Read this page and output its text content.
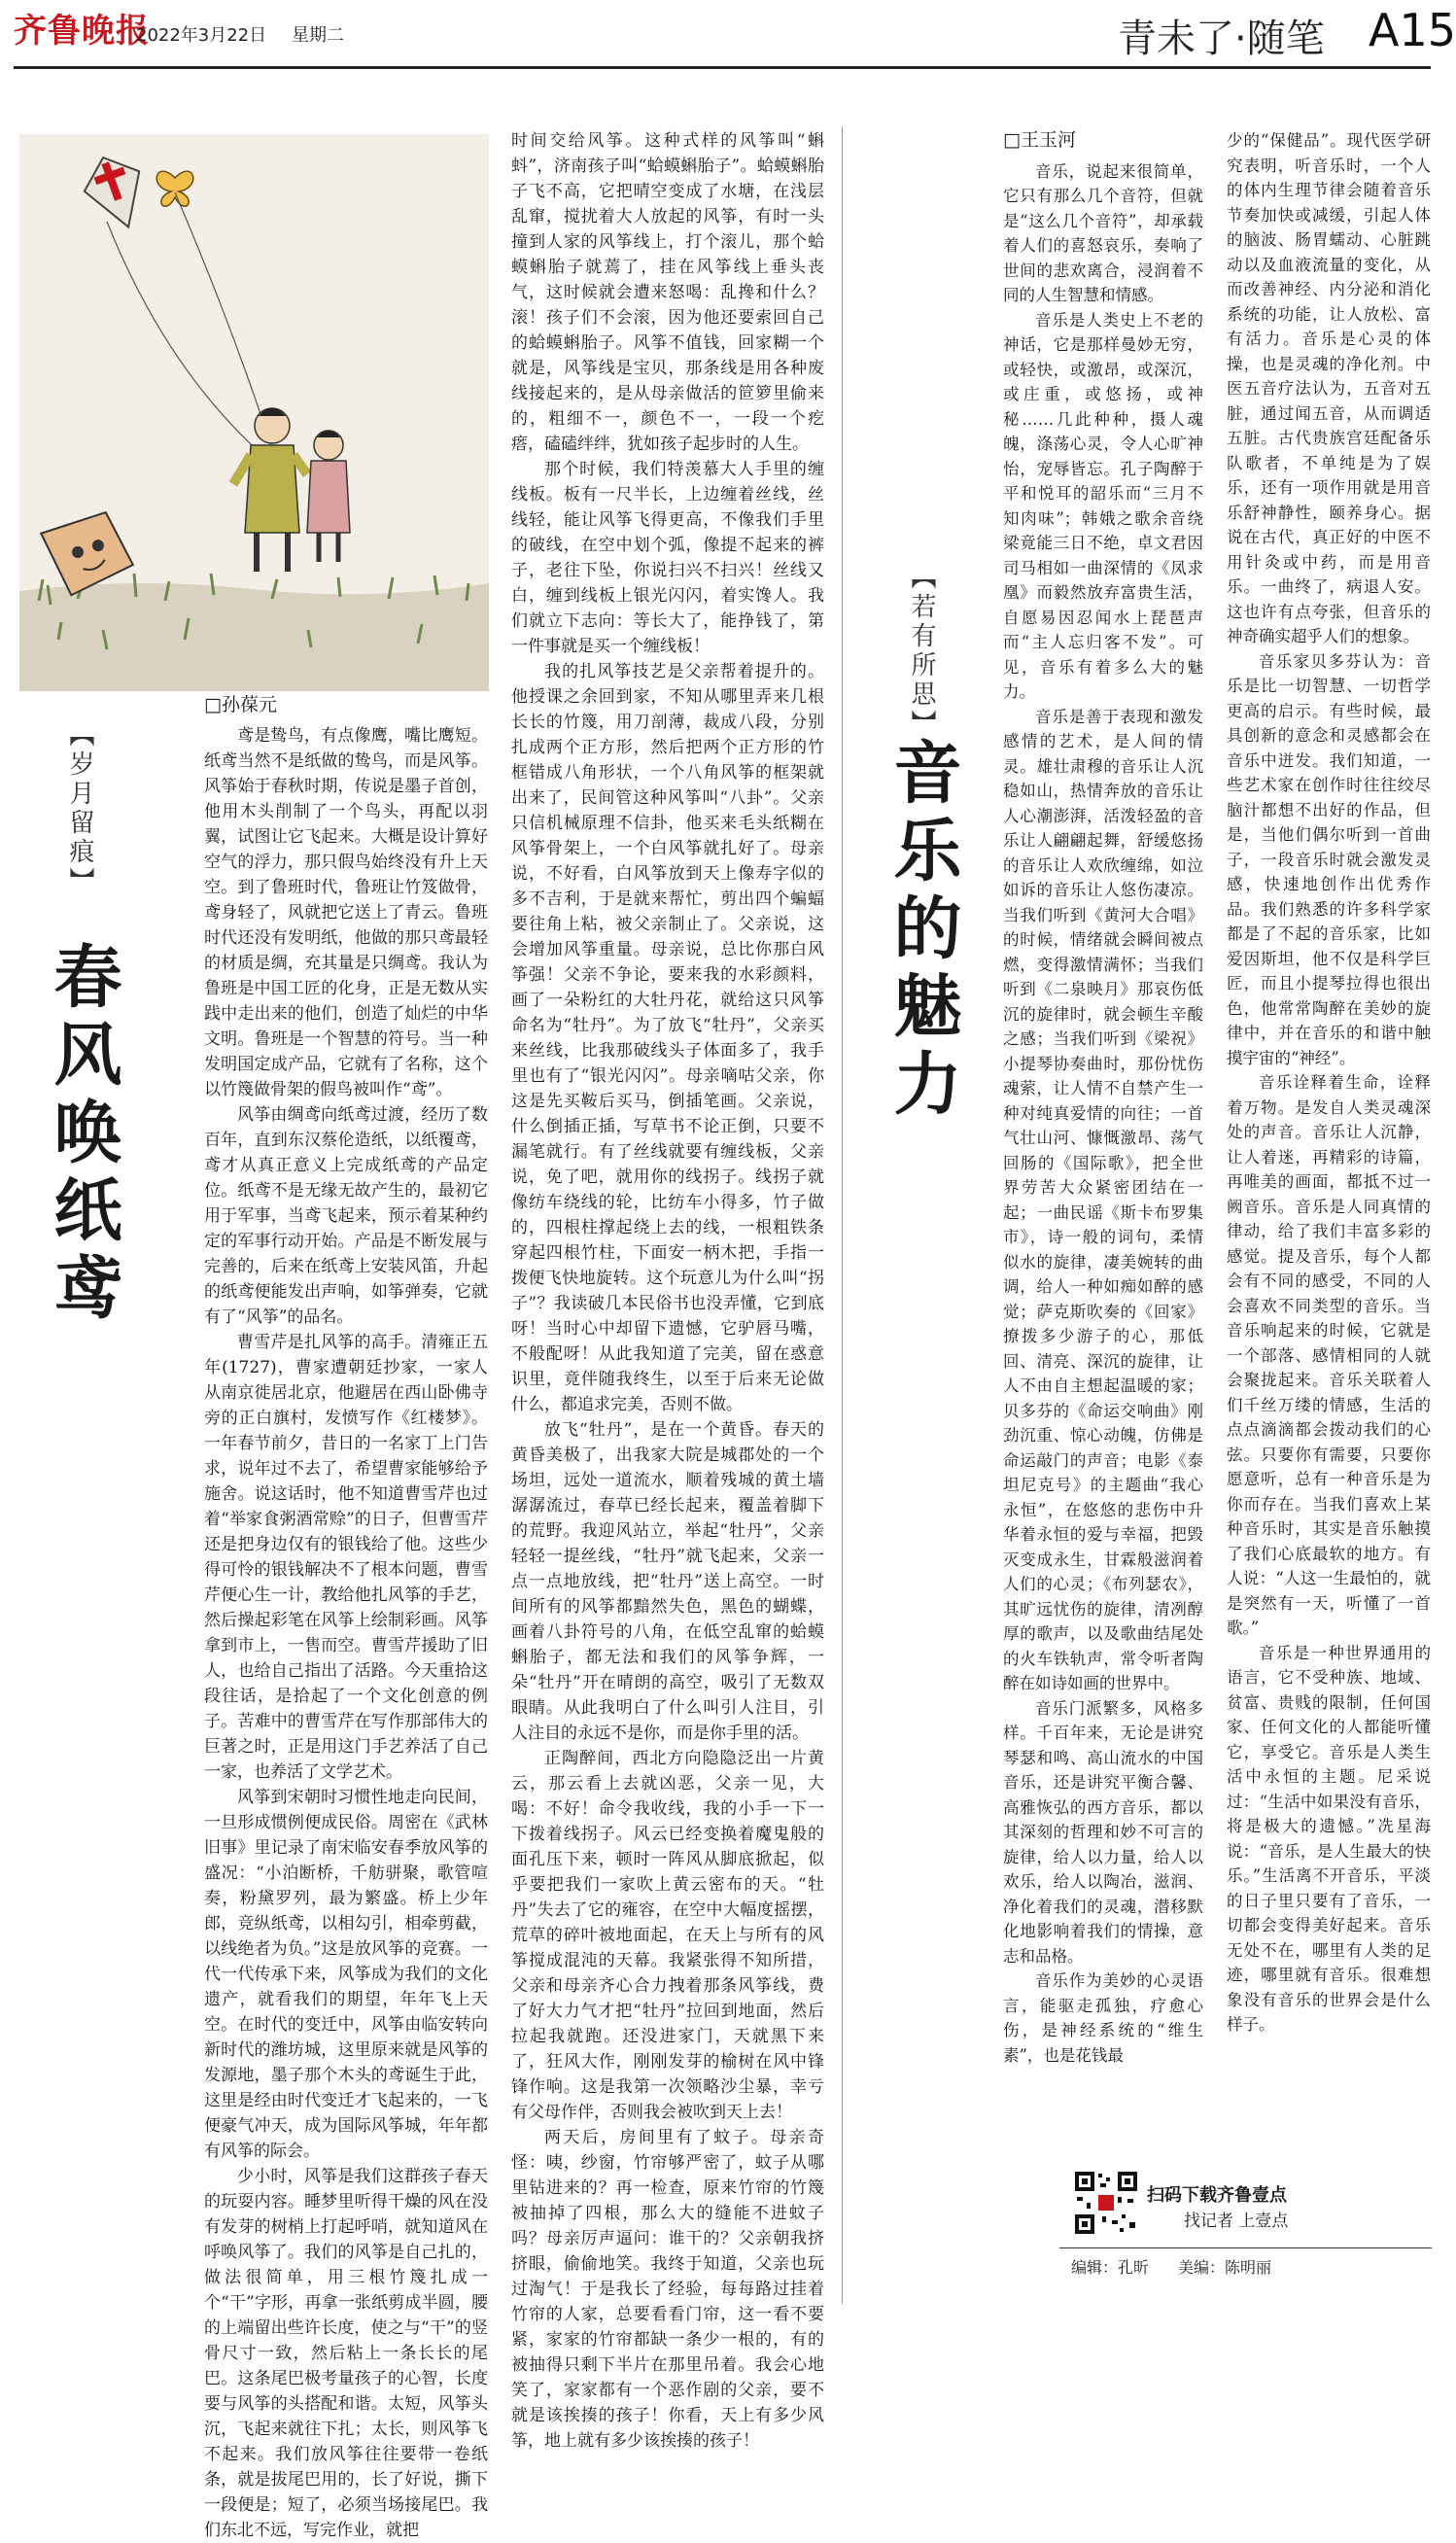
齐鲁晚报
2022年3月22日 星期二	青未了·随笔 A15
【岁月留痕】
春风唤纸鸢

□孙葆元

鸢是鸷鸟，有点像鹰，嘴比鹰短。纸鸢当然不是纸做的鸷鸟，而是风筝。风筝始于春秋时期，传说是墨子首创，他用木头削制了一个鸟头，再配以羽翼，试图让它飞起来。大概是设计算好空气的浮力，那只假鸟始终没有升上天空。到了鲁班时代，鲁班让竹笈做骨，鸢身轻了，风就把它送上了青云。鲁班时代还没有发明纸，他做的那只鸢最轻的材质是绸，充其量是只绸鸢。我认为鲁班是中国工匠的化身，正是无数从实践中走出来的他们，创造了灿烂的中华文明。鲁班是一个智慧的符号。当一种发明国定成产品，它就有了名称，这个以竹篾做骨架的假鸟被叫作“鸢”。

风筝由绸鸢向纸鸢过渡，经历了数百年，直到东汉蔡伦造纸，以纸覆鸢，鸢才从真正意义上完成纸鸢的产品定位。纸鸢不是无缘无故产生的，最初它用于军事，当鸢飞起来，预示着某种约定的军事行动开始。产品是不断发展与完善的，后来在纸鸢上安装风笛，升起的纸鸢便能发出声响，如筝弹奏，它就有了“风筝”的品名。

曹雪芹是扎风筝的高手。清雍正五年(1727)，曹家遭朝廷抄家，一家人从南京徙居北京，他避居在西山卧佛寺旁的正白旗村，发愤写作《红楼梦》。一年春节前夕，昔日的一名家丁上门告求，说年过不去了，希望曹家能够给予施舍。说这话时，他不知道曹雪芹也过着“举家食粥酒常赊”的日子，但曹雪芹还是把身边仅有的银钱给了他。这些少得可怜的银钱解决不了根本问题，曹雪芹便心生一计，教给他扎风筝的手艺，然后操起彩笔在风筝上绘制彩画。风筝拿到市上，一售而空。曹雪芹援助了旧人，也给自己指出了活路。今天重拾这段往话，是拾起了一个文化创意的例子。苦难中的曹雪芹在写作那部伟大的巨著之时，正是用这门手艺养活了自己一家，也养活了文学艺术。

风筝到宋朝时习惯性地走向民间，一旦形成惯例便成民俗。周密在《武林旧事》里记录了南宋临安春季放风筝的盛况：“小泊断桥，千舫骈聚，歌管喧奏，粉黛罗列，最为繁盛。桥上少年郎，竞纵纸鸢，以相勾引，相牵剪截，以线绝者为负。”这是放风筝的竞赛。一代一代传承下来，风筝成为我们的文化遗产，就看我们的期望，年年飞上天空。在时代的变迁中，风筝由临安转向新时代的潍坊城，这里原来就是风筝的发源地，墨子那个木头的鸢诞生于此，这里是经由时代变迁才飞起来的，一飞便豪气冲天，成为国际风筝城，年年都有风筝的际会。

少小时，风筝是我们这群孩子春天的玩耍内容。睡梦里听得干燥的风在没有发芽的树梢上打起呼哨，就知道风在呼唤风筝了。我们的风筝是自己扎的，做法很简单，用三根竹篾扎成一个“干”字形，再拿一张纸剪成半圆，腰的上端留出些许长度，使之与“干”的竖骨尺寸一致，然后粘上一条长长的尾巴。这条尾巴极考量孩子的心智，长度要与风筝的头搭配和谐。太短，风筝头沉，飞起来就往下扎；太长，则风筝飞不起来。我们放风筝往往要带一卷纸条，就是拔尾巴用的，长了好说，撕下一段便是；短了，必须当场接尾巴。我们东北不远，写完作业，就把

时间交给风筝。这种式样的风筝叫“蝌蚪”，济南孩子叫“蛤蟆蝌胎子”。蛤蟆蝌胎子飞不高，它把晴空变成了水塘，在浅层乱窜，搅扰着大人放起的风筝，有时一头撞到人家的风筝线上，打个滚儿，那个蛤蟆蝌胎子就蔫了，挂在风筝线上垂头丧气，这时候就会遭来怒喝：乱搀和什么？滚！孩子们不会滚，因为他还要索回自己的蛤蟆蝌胎子。风筝不值钱，回家糊一个就是，风筝线是宝贝，那条线是用各种废线接起来的，是从母亲做活的笸箩里偷来的，粗细不一，颜色不一，一段一个疙瘩，磕磕绊绊，犹如孩子起步时的人生。

那个时候，我们特羡慕大人手里的缠线板。板有一尺半长，上边缠着丝线，丝线轻，能让风筝飞得更高，不像我们手里的破线，在空中划个弧，像提不起来的裤子，老往下坠，你说扫兴不扫兴！丝线又白，缠到线板上银光闪闪，着实馋人。我们就立下志向：等长大了，能挣钱了，第一件事就是买一个缠线板！

我的扎风筝技艺是父亲帮着提升的。他授课之余回到家，不知从哪里弄来几根长长的竹篾，用刀剖薄，裁成八段，分别扎成两个正方形，然后把两个正方形的竹框错成八角形状，一个八角风筝的框架就出来了，民间管这种风筝叫“八卦”。父亲只信机械原理不信卦，他买来毛头纸糊在风筝骨架上，一个白风筝就扎好了。母亲说，不好看，白风筝放到天上像寿字似的多不吉利，于是就来帮忙，剪出四个蝙蝠要往角上粘，被父亲制止了。父亲说，这会增加风筝重量。母亲说，总比你那白风筝强！父亲不争论，要来我的水彩颜料，画了一朵粉红的大牡丹花，就给这只风筝命名为“牡丹”。为了放飞“牡丹”，父亲买来丝线，比我那破线头子体面多了，我手里也有了“银光闪闪”。母亲嘀咕父亲，你这是先买鞍后买马，倒插笔画。父亲说，什么倒插正插，写草书不论正倒，只要不漏笔就行。有了丝线就要有缠线板，父亲说，免了吧，就用你的线拐子。线拐子就像纺车绕线的轮，比纺车小得多，竹子做的，四根柱撑起绕上去的线，一根粗铁条穿起四根竹柱，下面安一柄木把，手指一拨便飞快地旋转。这个玩意儿为什么叫“拐子”？我读破几本民俗书也没弄懂，它到底呀！当时心中却留下遗憾，它驴唇马嘴，不般配呀！从此我知道了完美，留在惑意识里，竟伴随我终生，以至于后来无论做什么，都追求完美，否则不做。

放飞“牡丹”，是在一个黄昏。春天的黄昏美极了，出我家大院是城郡处的一个场坦，远处一道流水，顺着残城的黄土墙潺潺流过，春草已经长起来，覆盖着脚下的荒野。我迎风站立，举起“牡丹”，父亲轻轻一提丝线，“牡丹”就飞起来，父亲一点一点地放线，把“牡丹”送上高空。一时间所有的风筝都黯然失色，黑色的蝴蝶，画着八卦符号的八角，在低空乱窜的蛤蟆蝌胎子，都无法和我们的风筝争辉，一朵“牡丹”开在晴朗的高空，吸引了无数双眼睛。从此我明白了什么叫引人注目，引人注目的永远不是你，而是你手里的活。

正陶醉间，西北方向隐隐泛出一片黄云，那云看上去就凶恶，父亲一见，大喝：不好！命令我收线，我的小手一下一下拨着线拐子。风云已经变换着魔鬼般的面孔压下来，顿时一阵风从脚底掀起，似乎要把我们一家吹上黄云密布的天。“牡丹”失去了它的雍容，在空中大幅度摇摆，荒草的碎叶被地面起，在天上与所有的风筝搅成混沌的天幕。我紧张得不知所措，父亲和母亲齐心合力拽着那条风筝线，费了好大力气才把“牡丹”拉回到地面，然后拉起我就跑。还没进家门，天就黑下来了，狂风大作，刚刚发芽的榆树在风中锋锋作响。这是我第一次领略沙尘暴，幸亏有父母作伴，否则我会被吹到天上去！

两天后，房间里有了蚊子。母亲奇怪：咦，纱窗，竹帘够严密了，蚊子从哪里钻进来的？再一检查，原来竹帘的竹篾被抽掉了四根，那么大的缝能不进蚊子吗？母亲厉声逼问：谁干的？父亲朝我挤挤眼，偷偷地笑。我终于知道，父亲也玩过淘气！于是我长了经验，每每路过挂着竹帘的人家，总要看看门帘，这一看不要紧，家家的竹帘都缺一条少一根的，有的被抽得只剩下半片在那里吊着。我会心地笑了，家家都有一个恶作剧的父亲，要不就是该挨揍的孩子！你看，天上有多少风筝，地上就有多少该挨揍的孩子！

【若有所思】
音乐的魅力

□王玉河

音乐，说起来很简单，它只有那么几个音符，但就是“这么几个音符”，却承载着人们的喜怒哀乐，奏响了世间的悲欢离合，浸润着不同的人生智慧和情感。

音乐是人类史上不老的神话，它是那样曼妙无穷，或轻快，或激昂，或深沉，或庄重，或悠扬，或神秘……几此种种，摄人魂魄，涤荡心灵，令人心旷神怡，宠辱皆忘。孔子陶醉于平和悦耳的韶乐而“三月不知肉味”；韩娥之歌余音绕梁竟能三日不绝，卓文君因司马相如一曲深情的《凤求凰》而毅然放弃富贵生活，自愿易因忍闻水上琵琶声而“主人忘归客不发”。可见，音乐有着多么大的魅力。

音乐是善于表现和激发感情的艺术，是人间的情灵。雄壮肃穆的音乐让人沉稳如山，热情奔放的音乐让人心潮澎湃，活泼轻盈的音乐让人翩翩起舞，舒缓悠扬的音乐让人欢欣缠绵，如泣如诉的音乐让人悠伤凄凉。当我们听到《黄河大合唱》的时候，情绪就会瞬间被点燃，变得激情满怀；当我们听到《二泉映月》那哀伤低沉的旋律时，就会顿生辛酸之感；当我们听到《梁祝》小提琴协奏曲时，那份忧伤魂萦，让人情不自禁产生一种对纯真爱情的向往；一首气壮山河、慷慨激昂、荡气回肠的《国际歌》，把全世界劳苦大众紧密团结在一起；一曲民谣《斯卡布罗集市》，诗一般的词句，柔情似水的旋律，凄美婉转的曲调，给人一种如痴如醉的感觉；萨克斯吹奏的《回家》撩拨多少游子的心，那低回、清亮、深沉的旋律，让人不由自主想起温暖的家；贝多芬的《命运交响曲》刚劲沉重、惊心动魄，仿佛是命运敲门的声音；电影《泰坦尼克号》的主题曲“我心永恒”，在悠悠的悲伤中升华着永恒的爱与幸福，把毁灭变成永生，甘霖般滋润着人们的心灵；《布列瑟农》，其旷远忧伤的旋律，清冽醇厚的歌声，以及歌曲结尾处的火车铁轨声，常令听者陶醉在如诗如画的世界中。

音乐门派繁多，风格多样。千百年来，无论是讲究琴瑟和鸣、高山流水的中国音乐，还是讲究平衡合馨、高雅恢弘的西方音乐，都以其深刻的哲理和妙不可言的旋律，给人以力量，给人以欢乐，给人以陶冶，滋润、净化着我们的灵魂，潜移默化地影响着我们的情操，意志和品格。

音乐作为美妙的心灵语言，能驱走孤独，疗愈心伤，是神经系统的“维生素”，也是花钱最

少的“保健品”。现代医学研究表明，听音乐时，一个人的体内生理节律会随着音乐节奏加快或减缓，引起人体的脑波、肠胃蠕动、心脏跳动以及血液流量的变化，从而改善神经、内分泌和消化系统的功能，让人放松、富有活力。音乐是心灵的体操，也是灵魂的净化剂。中医五音疗法认为，五音对五脏，通过闻五音，从而调适五脏。古代贵族宫廷配备乐队歌者，不单纯是为了娱乐，还有一项作用就是用音乐舒神静性，颐养身心。据说在古代，真正好的中医不用针灸或中药，而是用音乐。一曲终了，病退人安。这也许有点夸张，但音乐的神奇确实超乎人们的想象。

音乐家贝多芬认为：音乐是比一切智慧、一切哲学更高的启示。有些时候，最具创新的意念和灵感都会在音乐中迸发。我们知道，一些艺术家在创作时往往绞尽脑汁都想不出好的作品，但是，当他们偶尔听到一首曲子，一段音乐时就会激发灵感，快速地创作出优秀作品。我们熟悉的许多科学家都是了不起的音乐家，比如爱因斯坦，他不仅是科学巨匠，而且小提琴拉得也很出色，他常常陶醉在美妙的旋律中，并在音乐的和谐中触摸宇宙的“神经”。

音乐诠释着生命，诠释着万物。是发自人类灵魂深处的声音。音乐让人沉静，让人着迷，再精彩的诗篇，再唯美的画面，都抵不过一阙音乐。音乐是人同真情的律动，给了我们丰富多彩的感觉。提及音乐，每个人都会有不同的感受，不同的人会喜欢不同类型的音乐。当音乐响起来的时候，它就是一个部落、感情相同的人就会聚拢起来。音乐关联着人们千丝万缕的情感，生活的点点滴滴都会拨动我们的心弦。只要你有需要，只要你愿意听，总有一种音乐是为你而存在。当我们喜欢上某种音乐时，其实是音乐触摸了我们心底最软的地方。有人说：“人这一生最怕的，就是突然有一天，听懂了一首歌。”

音乐是一种世界通用的语言，它不受种族、地域、贫富、贵贱的限制，任何国家、任何文化的人都能听懂它，享受它。音乐是人类生活中永恒的主题。尼采说过：“生活中如果没有音乐，将是极大的遗憾。”冼星海说：“音乐，是人生最大的快乐。”生活离不开音乐，平淡的日子里只要有了音乐，一切都会变得美好起来。音乐无处不在，哪里有人类的足迹，哪里就有音乐。很难想象没有音乐的世界会是什么样子。

扫码下载齐鲁壹点
找记者 上壹点
编辑：孔昕 美编：陈明丽
